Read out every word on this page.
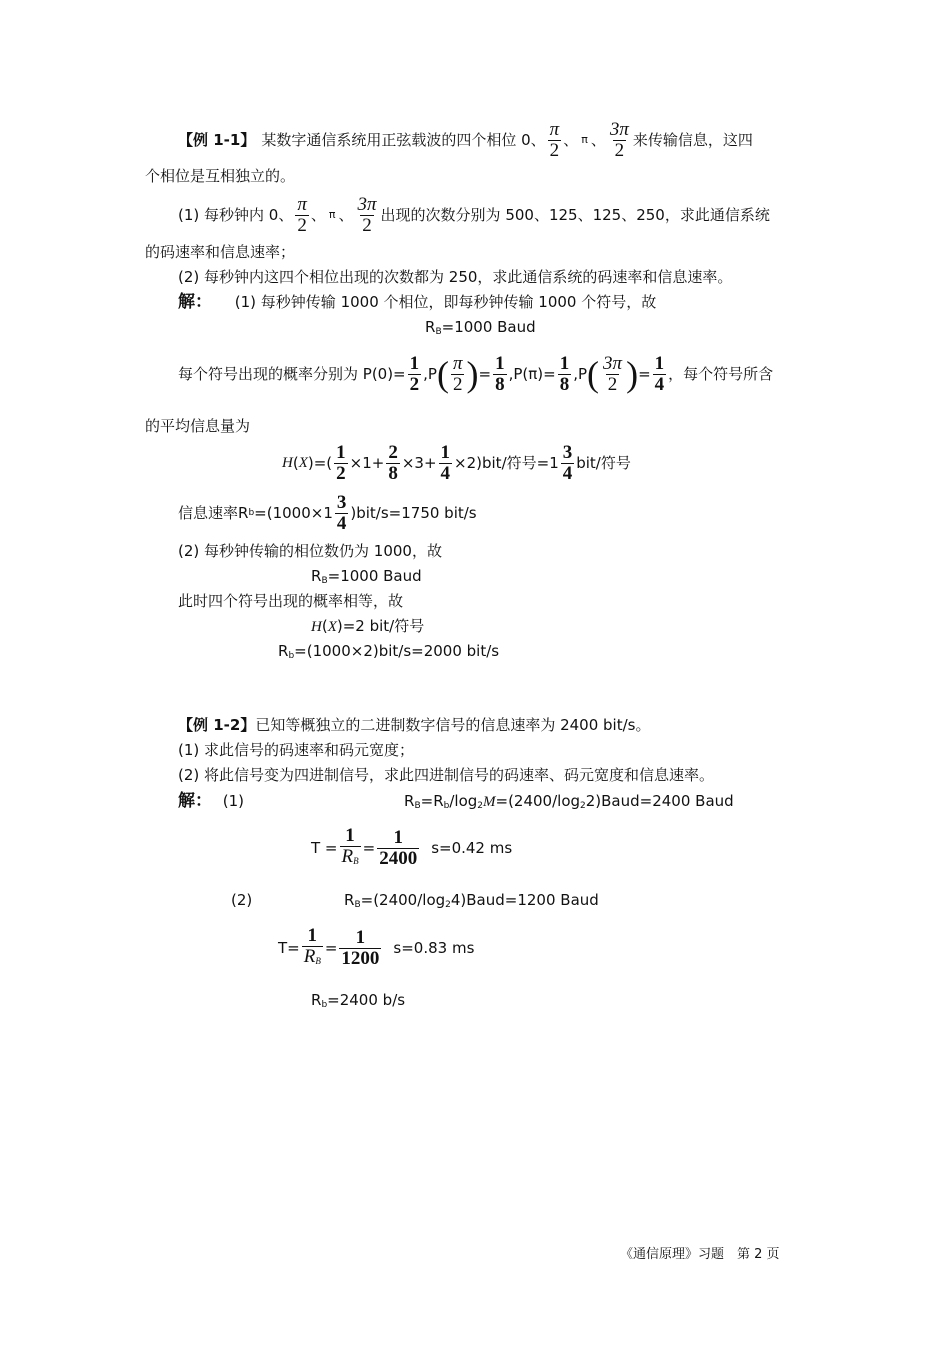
【例 1-1】 某数字通信系统用正弦载波的四个相位 0、 $\frac{\pi}{2}$ 、 π 、 $\frac{3\pi}{2}$ 来传输信息，这四
个相位是互相独立的。
(1) 每秒钟内 0、 $\frac{\pi}{2}$ 、 π 、 $\frac{3\pi}{2}$ 出现的次数分别为 500、125、125、250，求此通信系统
的码速率和信息速率；
(2) 每秒钟内这四个相位出现的次数都为 250，求此通信系统的码速率和信息速率。
解： (1) 每秒钟传输 1000 个相位，即每秒钟传输 1000 个符号，故
$R_B=1000$ Baud
每个符号出现的概率分别为 $P(0)= \frac{1}{2} ,P$ ( $\frac{\pi}{2}$ ) = $\frac{1}{8} ,P(\pi)= \frac{1}{8} ,P$ ( $\frac{3\pi}{2}$ ) = $\frac{1}{4}$ ，每个符号所含
的平均信息量为
H ( X )=( $\frac{1}{2} \times 1+ \frac{2}{8} \times 3+ \frac{1}{4} \times 2)bit/$符号$=1 \frac{3}{4} bit/$符号
信息速率R $b =(1000\times 1 \frac{3}{4} )bit/s=1750$ bit/s
(2) 每秒钟传输的相位数仍为 1000，故
$R_B=1000$ Baud
此时四个符号出现的概率相等，故
H(X)=2 bit/符号
$R_b=(1000\times 2)bit/s=2000$ bit/s
【例 1-2】已知等概独立的二进制数字信号的信息速率为 2400 bit/s。
(1) 求此信号的码速率和码元宽度；
(2) 将此信号变为四进制信号，求此四进制信号的码速率、码元宽度和信息速率。
解： (1)	$R_B=R_b/\log_2M=(2400/\log_22)Baud=2400$ Baud
$T = \frac{1}{R_B} = \frac{1}{2400} s=0.42$ ms
(2)	$R_B=(2400/\log_24)Baud=1200$ Baud
$T= \frac{1}{R_B} = \frac{1}{1200} s=0.83$ ms
$R_b=2400$ b/s
《通信原理》习题　第 2 页
